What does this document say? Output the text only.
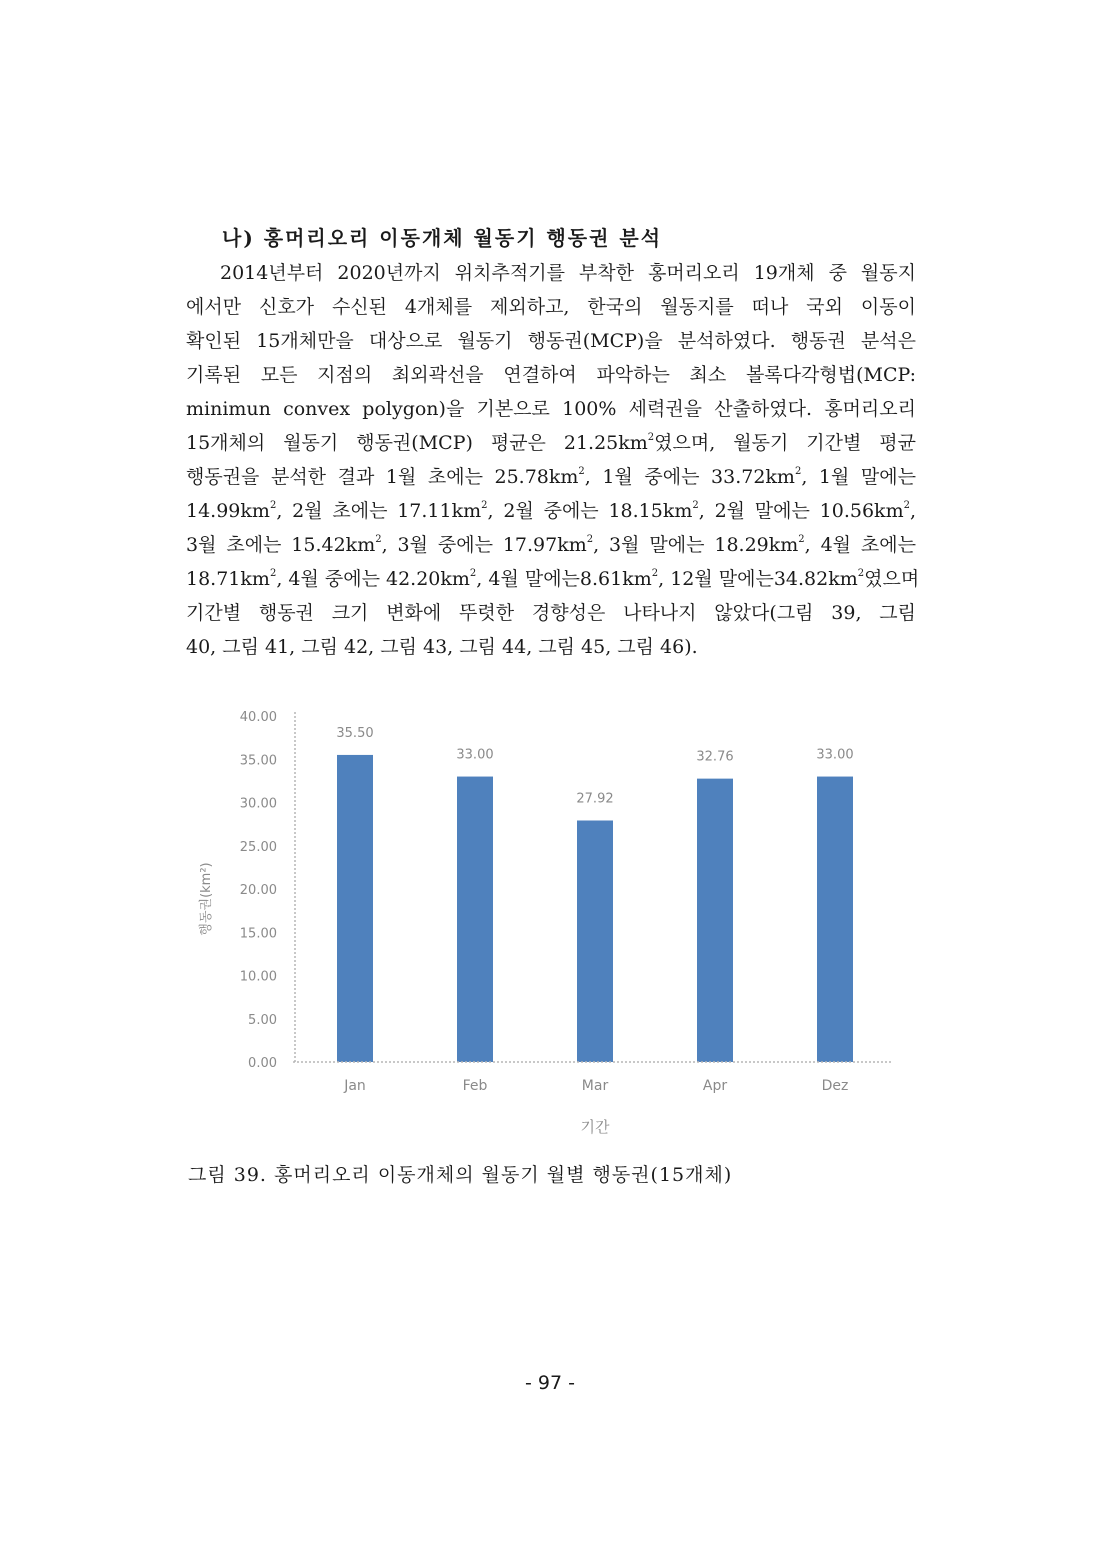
나) 홍머리오리 이동개체 월동기 행동권 분석
2014년부터 2020년까지 위치추적기를 부착한 홍머리오리 19개체 중 월동지
에서만 신호가 수신된 4개체를 제외하고, 한국의 월동지를 떠나 국외 이동이
확인된 15개체만을 대상으로 월동기 행동권(MCP)을 분석하였다. 행동권 분석은
기록된 모든 지점의 최외곽선을 연결하여 파악하는 최소 볼록다각형법(MCP:
minimun convex polygon)을 기본으로 100% 세력권을 산출하였다. 홍머리오리
15개체의 월동기 행동권(MCP) 평균은 $21.25km^2$였으며, 월동기 기간별 평균
행동권을 분석한 결과 1월 초에는 $25.78km^2$, 1월 중에는 $33.72km^2$, 1월 말에는
$14.99km^2$, 2월 초에는 $17.11km^2$, 2월 중에는 $18.15km^2$, 2월 말에는 $10.56km^2$,
3월 초에는 $15.42km^2$, 3월 중에는 $17.97km^2$, 3월 말에는 $18.29km^2$, 4월 초에는
$18.71km^2$, 4월 중에는 $42.20km^2$, 4월 말에는$8.61km^2$, 12월 말에는$34.82km^2$였으며
기간별 행동권 크기 변화에 뚜렷한 경향성은 나타나지 않았다(그림 39, 그림
40, 그림 41, 그림 42, 그림 43, 그림 44, 그림 45, 그림 46).
0.00
5.00
10.00
15.00
20.00
25.00
30.00
35.00
40.00
35.50
Jan
33.00
Feb
27.92
Mar
32.76
Apr
33.00
Dez
기간
행동권(km²)
그림 39. 홍머리오리 이동개체의 월동기 월별 행동권(15개체)
- 97 -
